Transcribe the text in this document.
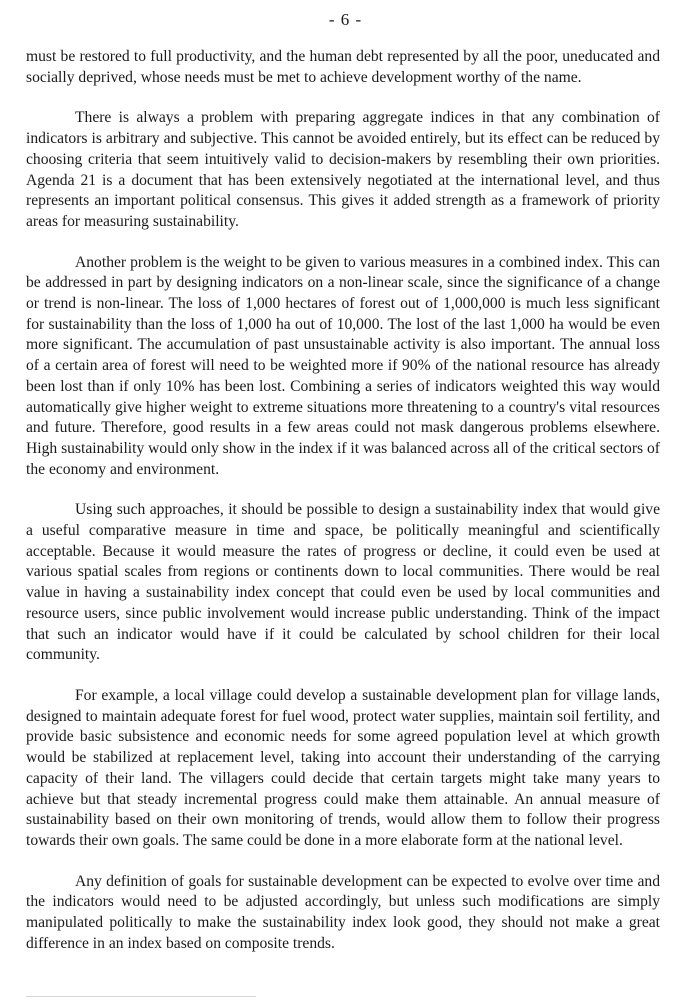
- 6 -

must be restored to full productivity, and the human debt represented by all the poor, uneducated and socially deprived, whose needs must be met to achieve development worthy of the name.

There is always a problem with preparing aggregate indices in that any combination of indicators is arbitrary and subjective. This cannot be avoided entirely, but its effect can be reduced by choosing criteria that seem intuitively valid to decision-makers by resembling their own priorities. Agenda 21 is a document that has been extensively negotiated at the international level, and thus represents an important political consensus. This gives it added strength as a framework of priority areas for measuring sustainability.

Another problem is the weight to be given to various measures in a combined index. This can be addressed in part by designing indicators on a non-linear scale, since the significance of a change or trend is non-linear. The loss of 1,000 hectares of forest out of 1,000,000 is much less significant for sustainability than the loss of 1,000 ha out of 10,000. The lost of the last 1,000 ha would be even more significant. The accumulation of past unsustainable activity is also important. The annual loss of a certain area of forest will need to be weighted more if 90% of the national resource has already been lost than if only 10% has been lost. Combining a series of indicators weighted this way would automatically give higher weight to extreme situations more threatening to a country's vital resources and future. Therefore, good results in a few areas could not mask dangerous problems elsewhere. High sustainability would only show in the index if it was balanced across all of the critical sectors of the economy and environment.

Using such approaches, it should be possible to design a sustainability index that would give a useful comparative measure in time and space, be politically meaningful and scientifically acceptable. Because it would measure the rates of progress or decline, it could even be used at various spatial scales from regions or continents down to local communities. There would be real value in having a sustainability index concept that could even be used by local communities and resource users, since public involvement would increase public understanding. Think of the impact that such an indicator would have if it could be calculated by school children for their local community.

For example, a local village could develop a sustainable development plan for village lands, designed to maintain adequate forest for fuel wood, protect water supplies, maintain soil fertility, and provide basic subsistence and economic needs for some agreed population level at which growth would be stabilized at replacement level, taking into account their understanding of the carrying capacity of their land. The villagers could decide that certain targets might take many years to achieve but that steady incremental progress could make them attainable. An annual measure of sustainability based on their own monitoring of trends, would allow them to follow their progress towards their own goals. The same could be done in a more elaborate form at the national level.

Any definition of goals for sustainable development can be expected to evolve over time and the indicators would need to be adjusted accordingly, but unless such modifications are simply manipulated politically to make the sustainability index look good, they should not make a great difference in an index based on composite trends.
